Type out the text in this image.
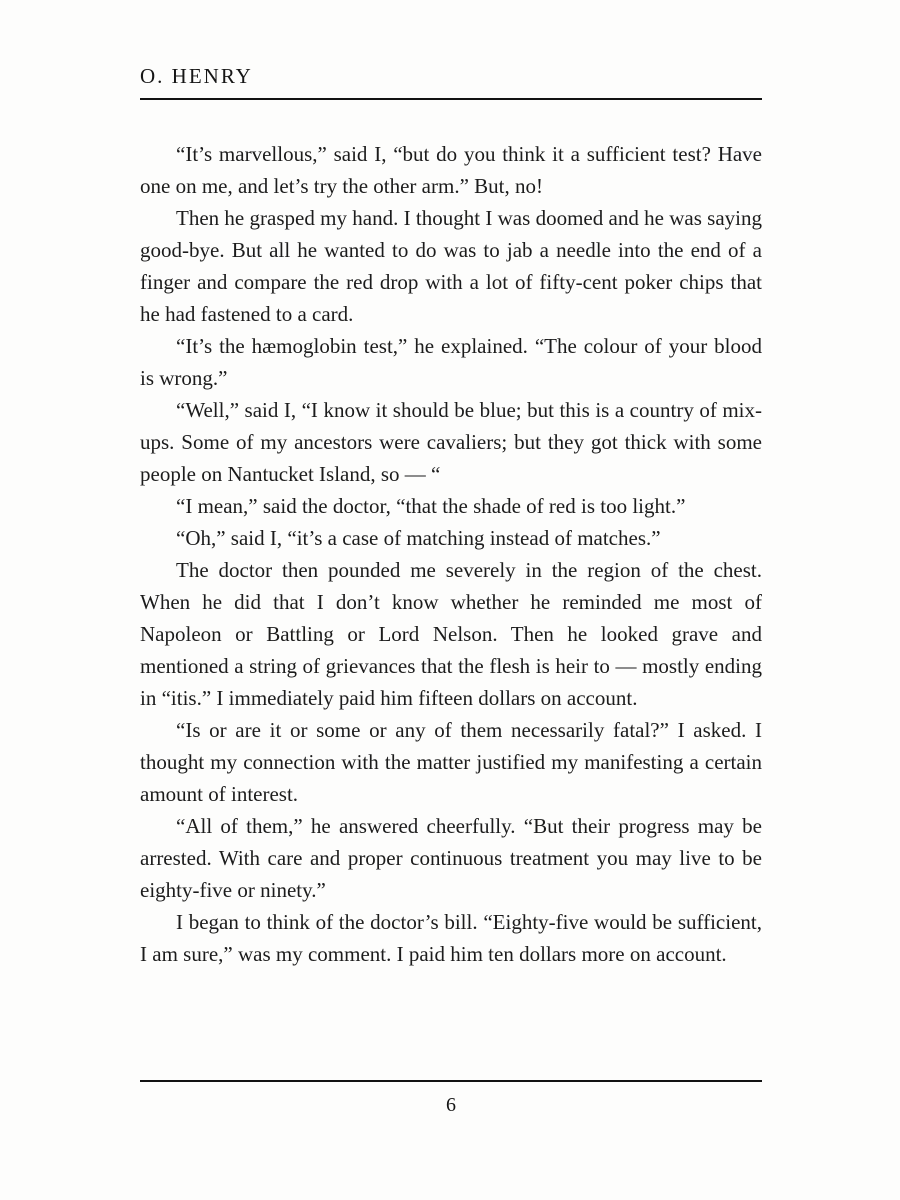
O. HENRY

“It’s marvellous,” said I, “but do you think it a sufficient test? Have one on me, and let’s try the other arm.” But, no!

Then he grasped my hand. I thought I was doomed and he was saying good-bye. But all he wanted to do was to jab a needle into the end of a finger and compare the red drop with a lot of fifty-cent poker chips that he had fastened to a card.

“It’s the hæmoglobin test,” he explained. “The colour of your blood is wrong.”

“Well,” said I, “I know it should be blue; but this is a country of mix-ups. Some of my ancestors were cavaliers; but they got thick with some people on Nantucket Island, so — “

“I mean,” said the doctor, “that the shade of red is too light.”

“Oh,” said I, “it’s a case of matching instead of matches.”

The doctor then pounded me severely in the region of the chest. When he did that I don’t know whether he reminded me most of Napoleon or Battling or Lord Nelson. Then he looked grave and mentioned a string of grievances that the flesh is heir to — mostly ending in “itis.” I immediately paid him fifteen dollars on account.

“Is or are it or some or any of them necessarily fatal?” I asked. I thought my connection with the matter justified my manifesting a certain amount of interest.

“All of them,” he answered cheerfully. “But their progress may be arrested. With care and proper continuous treatment you may live to be eighty-five or ninety.”

I began to think of the doctor’s bill. “Eighty-five would be sufficient, I am sure,” was my comment. I paid him ten dollars more on account.

6
